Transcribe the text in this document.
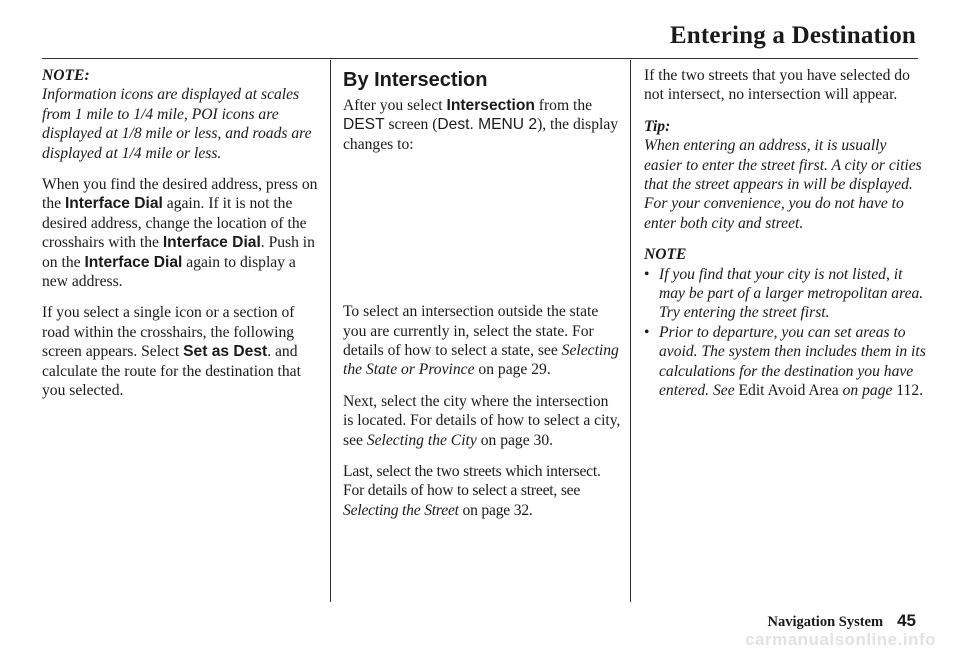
Entering a Destination

NOTE:
Information icons are displayed at scales from 1 mile to 1/4 mile, POI icons are displayed at 1/8 mile or less, and roads are displayed at 1/4 mile or less.

When you find the desired address, press on the Interface Dial again. If it is not the desired address, change the location of the crosshairs with the Interface Dial. Push in on the Interface Dial again to display a new address.

If you select a single icon or a section of road within the crosshairs, the following screen appears. Select Set as Dest. and calculate the route for the destination that you selected.

By Intersection

After you select Intersection from the DEST screen (Dest. MENU 2), the display changes to:

To select an intersection outside the state you are currently in, select the state. For details of how to select a state, see Selecting the State or Province on page 29.

Next, select the city where the intersection is located. For details of how to select a city, see Selecting the City on page 30.

Last, select the two streets which intersect. For details of how to select a street, see Selecting the Street on page 32.

If the two streets that you have selected do not intersect, no intersection will appear.

Tip:
When entering an address, it is usually easier to enter the street first. A city or cities that the street appears in will be displayed. For your convenience, you do not have to enter both city and street.

NOTE
• If you find that your city is not listed, it may be part of a larger metropolitan area. Try entering the street first.
• Prior to departure, you can set areas to avoid. The system then includes them in its calculations for the destination you have entered. See Edit Avoid Area on page 112.
Navigation System 45
carmanualsonline.info
